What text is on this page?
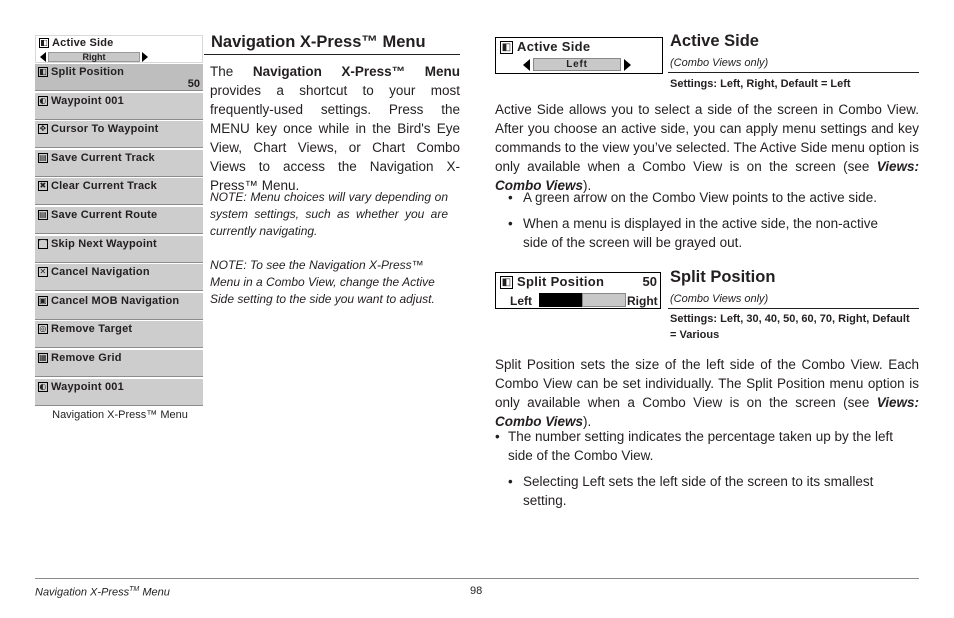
◧ Active Side
Right
◧ Split Position
50
◐ Waypoint 001
✥ Cursor To Waypoint
▤ Save Current Track
✖ Clear Current Track
▤ Save Current Route
⌒ Skip Next Waypoint
✕ Cancel Navigation
▣ Cancel MOB Navigation
◎ Remove Target
▦ Remove Grid
◐ Waypoint 001
Navigation X-Press™ Menu
Navigation X-Press™ Menu
The Navigation X-Press™ Menu provides a shortcut to your most frequently-used settings. Press the MENU key once while in the Bird's Eye View, Chart Views, or Chart Combo Views to access the Navigation X-Press™ Menu.
NOTE: Menu choices will vary depending on system settings, such as whether you are currently navigating.
NOTE: To see the Navigation X-Press™ Menu in a Combo View, change the Active Side setting to the side you want to adjust.
◧ Active Side
Left
Active Side
(Combo Views only)
Settings: Left, Right, Default = Left
Active Side allows you to select a side of the screen in Combo View. After you choose an active side, you can apply menu settings and key commands to the view you’ve selected. The Active Side menu option is only available when a Combo View is on the screen (see Views: Combo Views).
• A green arrow on the Combo View points to the active side.
• When a menu is displayed in the active side, the non-active side of the screen will be grayed out.
◧ Split Position	50
Left	Right
Split Position
(Combo Views only)
Settings: Left, 30, 40, 50, 60, 70, Right, Default = Various
Split Position sets the size of the left side of the Combo View. Each Combo View can be set individually. The Split Position menu option is only available when a Combo View is on the screen (see Views: Combo Views).
• The number setting indicates the percentage taken up by the left side of the Combo View.
• Selecting Left sets the left side of the screen to its smallest setting.
Navigation X-Press™ Menu	98
